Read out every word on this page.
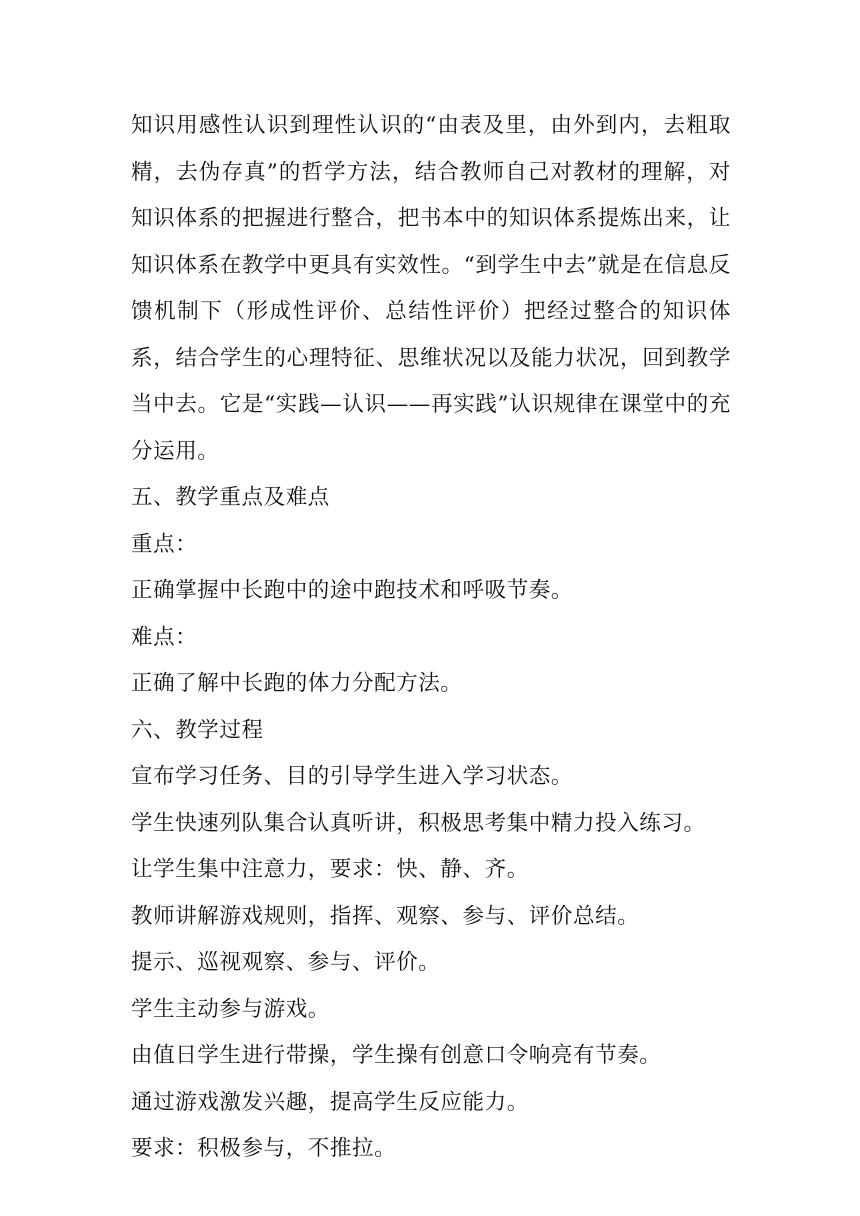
知识用感性认识到理性认识的“由表及里，由外到内，去粗取精，去伪存真”的哲学方法，结合教师自己对教材的理解，对知识体系的把握进行整合，把书本中的知识体系提炼出来，让知识体系在教学中更具有实效性。“到学生中去”就是在信息反馈机制下（形成性评价、总结性评价）把经过整合的知识体系，结合学生的心理特征、思维状况以及能力状况，回到教学当中去。它是“实践—认识——再实践”认识规律在课堂中的充分运用。

五、教学重点及难点

重点：

正确掌握中长跑中的途中跑技术和呼吸节奏。

难点：

正确了解中长跑的体力分配方法。

六、教学过程

宣布学习任务、目的引导学生进入学习状态。

学生快速列队集合认真听讲，积极思考集中精力投入练习。

让学生集中注意力，要求：快、静、齐。

教师讲解游戏规则，指挥、观察、参与、评价总结。

提示、巡视观察、参与、评价。

学生主动参与游戏。

由值日学生进行带操，学生操有创意口令响亮有节奏。

通过游戏激发兴趣，提高学生反应能力。

要求：积极参与，不推拉。
